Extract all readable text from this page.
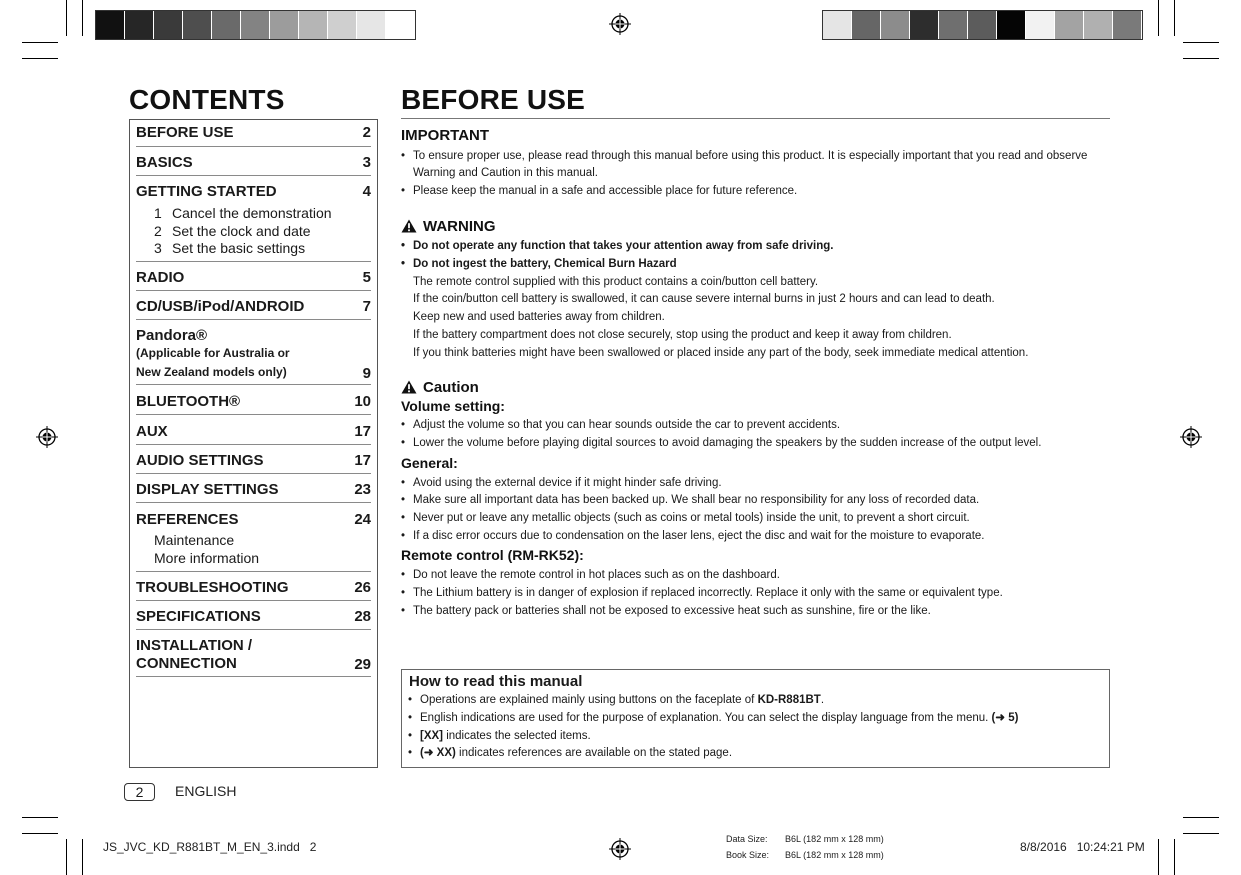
CONTENTS
BEFORE USE	2
BASICS	3
GETTING STARTED	4
1 Cancel the demonstration
2 Set the clock and date
3 Set the basic settings
RADIO	5
CD/USB/iPod/ANDROID	7
Pandora®
(Applicable for Australia or
New Zealand models only)	9
BLUETOOTH®	10
AUX	17
AUDIO SETTINGS	17
DISPLAY SETTINGS	23
REFERENCES	24
Maintenance
More information
TROUBLESHOOTING	26
SPECIFICATIONS	28
INSTALLATION /
CONNECTION	29
BEFORE USE
IMPORTANT
• To ensure proper use, please read through this manual before using this product. It is especially important that you read and observe
Warning and Caution in this manual.
• Please keep the manual in a safe and accessible place for future reference.
WARNING
• Do not operate any function that takes your attention away from safe driving.
• Do not ingest the battery, Chemical Burn Hazard
The remote control supplied with this product contains a coin/button cell battery.
If the coin/button cell battery is swallowed, it can cause severe internal burns in just 2 hours and can lead to death.
Keep new and used batteries away from children.
If the battery compartment does not close securely, stop using the product and keep it away from children.
If you think batteries might have been swallowed or placed inside any part of the body, seek immediate medical attention.
Caution
Volume setting:
• Adjust the volume so that you can hear sounds outside the car to prevent accidents.
• Lower the volume before playing digital sources to avoid damaging the speakers by the sudden increase of the output level.
General:
• Avoid using the external device if it might hinder safe driving.
• Make sure all important data has been backed up. We shall bear no responsibility for any loss of recorded data.
• Never put or leave any metallic objects (such as coins or metal tools) inside the unit, to prevent a short circuit.
• If a disc error occurs due to condensation on the laser lens, eject the disc and wait for the moisture to evaporate.
Remote control (RM-RK52):
• Do not leave the remote control in hot places such as on the dashboard.
• The Lithium battery is in danger of explosion if replaced incorrectly. Replace it only with the same or equivalent type.
• The battery pack or batteries shall not be exposed to excessive heat such as sunshine, fire or the like.
How to read this manual
• Operations are explained mainly using buttons on the faceplate of KD-R881BT.
• English indications are used for the purpose of explanation. You can select the display language from the menu. (➜ 5)
• [XX] indicates the selected items.
• (➜ XX) indicates references are available on the stated page.
2	ENGLISH
JS_JVC_KD_R881BT_M_EN_3.indd   2
Data Size: B6L (182 mm x 128 mm)
Book Size: B6L (182 mm x 128 mm)
8/8/2016   10:24:21 PM
